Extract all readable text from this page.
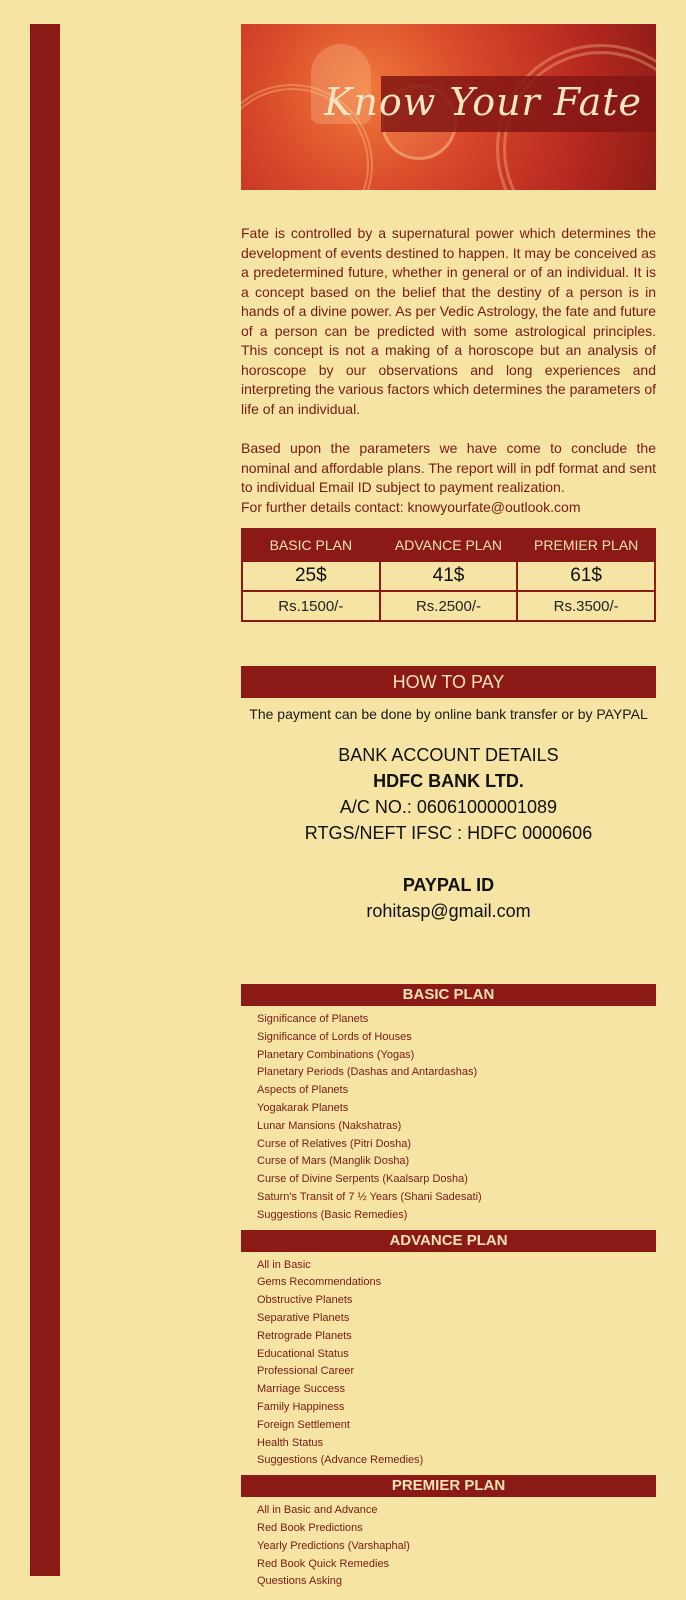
Know Your Fate

Fate is controlled by a supernatural power which determines the development of events destined to happen. It may be conceived as a predetermined future, whether in general or of an individual. It is a concept based on the belief that the destiny of a person is in hands of a divine power. As per Vedic Astrology, the fate and future of a person can be predicted with some astrological principles. This concept is not a making of a horoscope but an analysis of horoscope by our observations and long experiences and interpreting the various factors which determines the parameters of life of an individual.

Based upon the parameters we have come to conclude the nominal and affordable plans. The report will in pdf format and sent to individual Email ID subject to payment realization.
For further details contact: knowyourfate@outlook.com

BASIC PLAN	ADVANCE PLAN	PREMIER PLAN
25$	41$	61$
Rs.1500/-	Rs.2500/-	Rs.3500/-
HOW TO PAY
The payment can be done by online bank transfer or by PAYPAL
BANK ACCOUNT DETAILS
HDFC BANK LTD.
A/C NO.: 06061000001089
RTGS/NEFT IFSC : HDFC 0000606
PAYPAL ID
rohitasp@gmail.com
BASIC PLAN
Significance of Planets
Significance of Lords of Houses
Planetary Combinations (Yogas)
Planetary Periods (Dashas and Antardashas)
Aspects of Planets
Yogakarak Planets
Lunar Mansions (Nakshatras)
Curse of Relatives (Pitri Dosha)
Curse of Mars (Manglik Dosha)
Curse of Divine Serpents (Kaalsarp Dosha)
Saturn's Transit of 7 ½ Years (Shani Sadesati)
Suggestions (Basic Remedies)
ADVANCE PLAN
All in Basic
Gems Recommendations
Obstructive Planets
Separative Planets
Retrograde Planets
Educational Status
Professional Career
Marriage Success
Family Happiness
Foreign Settlement
Health Status
Suggestions (Advance Remedies)
PREMIER PLAN
All in Basic and Advance
Red Book Predictions
Yearly Predictions (Varshaphal)
Red Book Quick Remedies
Questions Asking
